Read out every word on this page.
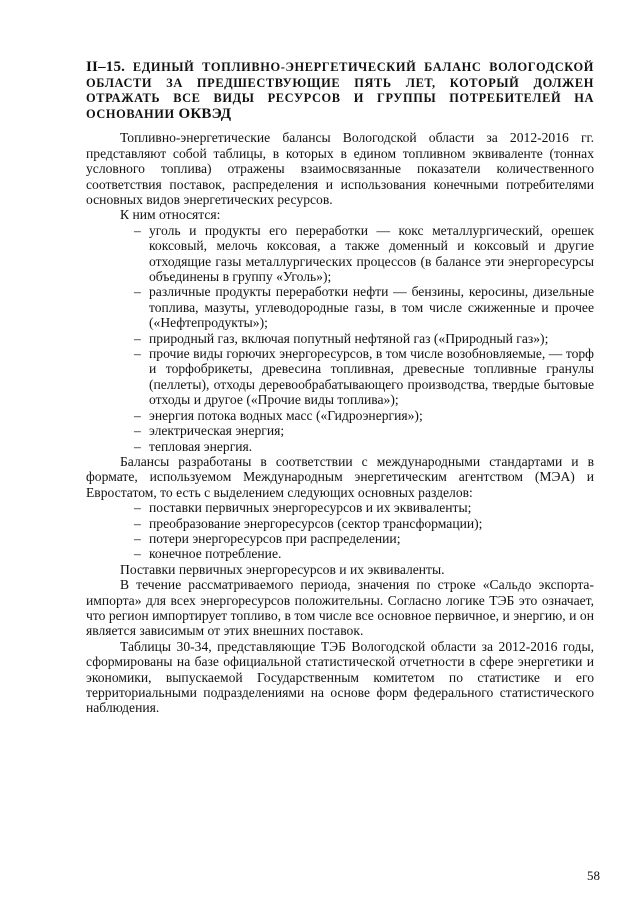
II–15. ЕДИНЫЙ ТОПЛИВНО-ЭНЕРГЕТИЧЕСКИЙ БАЛАНС ВОЛОГОДСКОЙ ОБЛАСТИ ЗА ПРЕДШЕСТВУЮЩИЕ ПЯТЬ ЛЕТ, КОТОРЫЙ ДОЛЖЕН ОТРАЖАТЬ ВСЕ ВИДЫ РЕСУРСОВ И ГРУППЫ ПОТРЕБИТЕЛЕЙ НА ОСНОВАНИИ ОКВЭД

Топливно-энергетические балансы Вологодской области за 2012-2016 гг. представляют собой таблицы, в которых в едином топливном эквиваленте (тоннах условного топлива) отражены взаимосвязанные показатели количественного соответствия поставок, распределения и использования конечными потребителями основных видов энергетических ресурсов.

К ним относятся:

– уголь и продукты его переработки — кокс металлургический, орешек коксовый, мелочь коксовая, а также доменный и коксовый и другие отходящие газы металлургических процессов (в балансе эти энергоресурсы объединены в группу «Уголь»);
– различные продукты переработки нефти — бензины, керосины, дизельные топлива, мазуты, углеводородные газы, в том числе сжиженные и прочее («Нефтепродукты»);
– природный газ, включая попутный нефтяной газ («Природный газ»);
– прочие виды горючих энергоресурсов, в том числе возобновляемые, — торф и торфобрикеты, древесина топливная, древесные топливные гранулы (пеллеты), отходы деревообрабатывающего производства, твердые бытовые отходы и другое («Прочие виды топлива»);
– энергия потока водных масс («Гидроэнергия»);
– электрическая энергия;
– тепловая энергия.

Балансы разработаны в соответствии с международными стандартами и в формате, используемом Международным энергетическим агентством (МЭА) и Евростатом, то есть с выделением следующих основных разделов:

– поставки первичных энергоресурсов и их эквиваленты;
– преобразование энергоресурсов (сектор трансформации);
– потери энергоресурсов при распределении;
– конечное потребление.

Поставки первичных энергоресурсов и их эквиваленты.

В течение рассматриваемого периода, значения по строке «Сальдо экспорта-импорта» для всех энергоресурсов положительны. Согласно логике ТЭБ это означает, что регион импортирует топливо, в том числе все основное первичное, и энергию, и он является зависимым от этих внешних поставок.

Таблицы 30-34, представляющие ТЭБ Вологодской области за 2012-2016 годы, сформированы на базе официальной статистической отчетности в сфере энергетики и экономики, выпускаемой Государственным комитетом по статистике и его территориальными подразделениями на основе форм федерального статистического наблюдения.

58
